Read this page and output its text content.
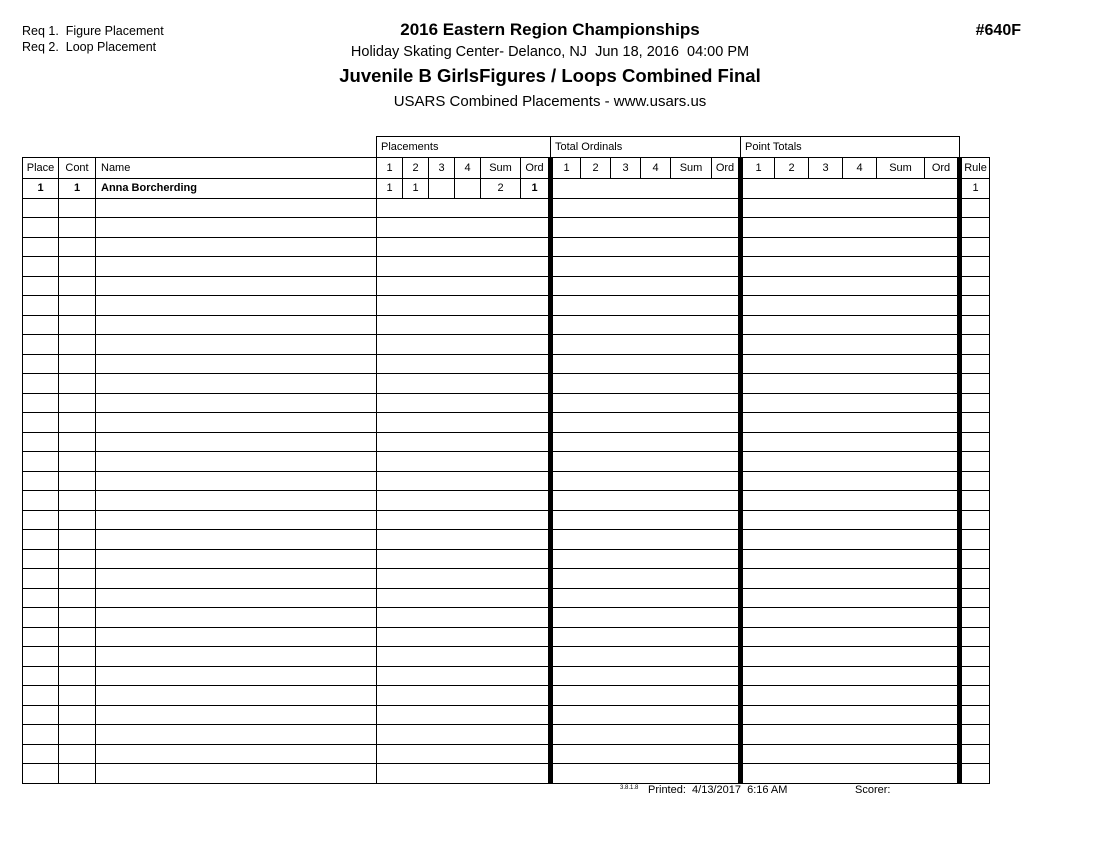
Req 1.  Figure Placement
Req 2.  Loop Placement
#640F
2016 Eastern Region Championships
Holiday Skating Center- Delanco, NJ  Jun 18, 2016  04:00 PM
Juvenile B GirlsFigures / Loops Combined Final
USARS Combined Placements - www.usars.us
			Placements						Total Ordinals						Point Totals						
Place	Cont	Name	1	2	3	4	Sum	Ord	1	2	3	4	Sum	Ord	1	2	3	4	Sum	Ord	Rule
1	1	Anna Borcherding	1	1			2	1													1

3.8.1.8 Printed:  4/13/2017  6:16 AM	Scorer:
